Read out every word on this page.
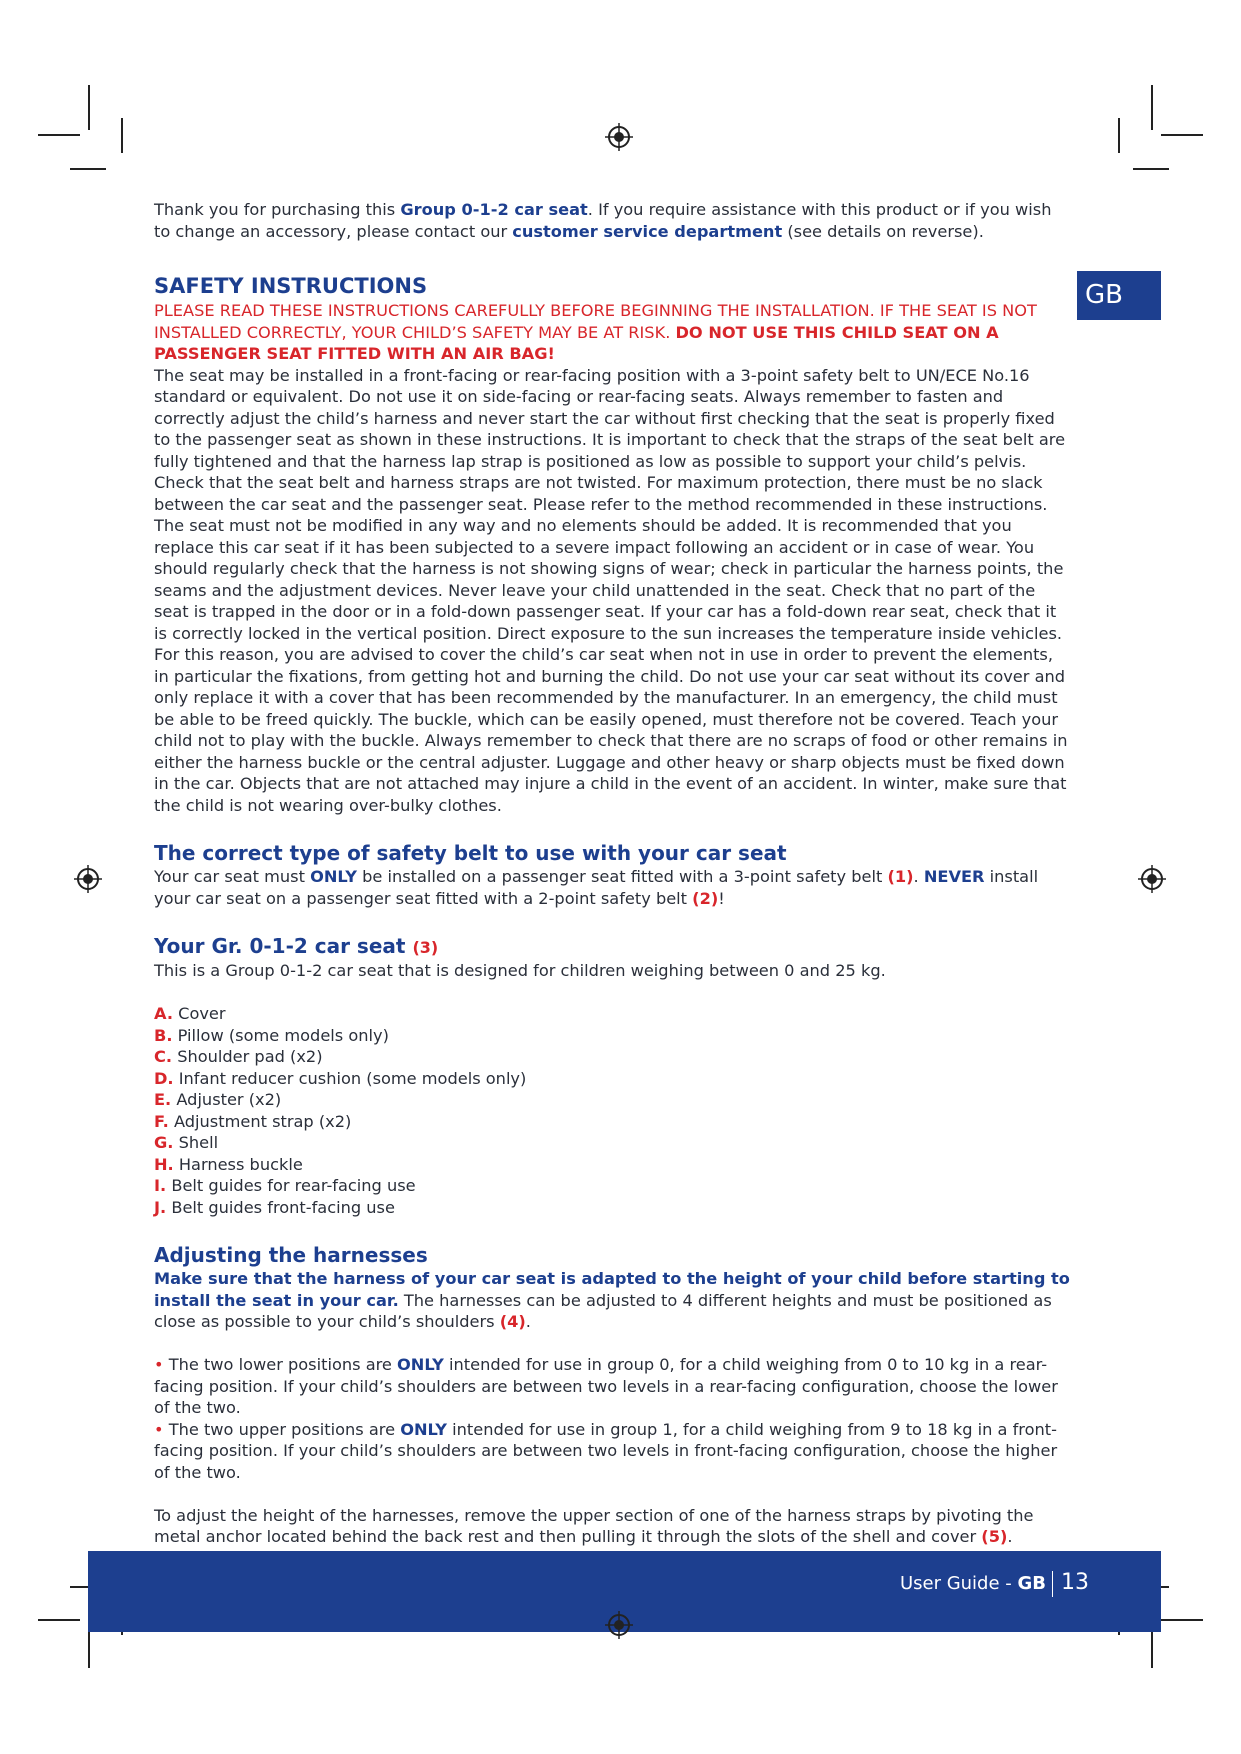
GB

Thank you for purchasing this Group 0-1-2 car seat. If you require assistance with this product or if you wish to change an accessory, please contact our customer service department (see details on reverse).

SAFETY INSTRUCTIONS

PLEASE READ THESE INSTRUCTIONS CAREFULLY BEFORE BEGINNING THE INSTALLATION. IF THE SEAT IS NOT INSTALLED CORRECTLY, YOUR CHILD’S SAFETY MAY BE AT RISK. DO NOT USE THIS CHILD SEAT ON A PASSENGER SEAT FITTED WITH AN AIR BAG!

The seat may be installed in a front-facing or rear-facing position with a 3-point safety belt to UN/ECE No.16 standard or equivalent. Do not use it on side-facing or rear-facing seats. Always remember to fasten and correctly adjust the child’s harness and never start the car without first checking that the seat is properly fixed to the passenger seat as shown in these instructions. It is important to check that the straps of the seat belt are fully tightened and that the harness lap strap is positioned as low as possible to support your child’s pelvis. Check that the seat belt and harness straps are not twisted. For maximum protection, there must be no slack between the car seat and the passenger seat. Please refer to the method recommended in these instructions. The seat must not be modified in any way and no elements should be added. It is recommended that you replace this car seat if it has been subjected to a severe impact following an accident or in case of wear. You should regularly check that the harness is not showing signs of wear; check in particular the harness points, the seams and the adjustment devices. Never leave your child unattended in the seat. Check that no part of the seat is trapped in the door or in a fold-down passenger seat. If your car has a fold-down rear seat, check that it is correctly locked in the vertical position. Direct exposure to the sun increases the temperature inside vehicles. For this reason, you are advised to cover the child’s car seat when not in use in order to prevent the elements, in particular the fixations, from getting hot and burning the child. Do not use your car seat without its cover and only replace it with a cover that has been recommended by the manufacturer. In an emergency, the child must be able to be freed quickly. The buckle, which can be easily opened, must therefore not be covered. Teach your child not to play with the buckle. Always remember to check that there are no scraps of food or other remains in either the harness buckle or the central adjuster. Luggage and other heavy or sharp objects must be fixed down in the car. Objects that are not attached may injure a child in the event of an accident. In winter, make sure that the child is not wearing over-bulky clothes.

The correct type of safety belt to use with your car seat

Your car seat must ONLY be installed on a passenger seat fitted with a 3-point safety belt (1). NEVER install your car seat on a passenger seat fitted with a 2-point safety belt (2)!

Your Gr. 0-1-2 car seat (3)

This is a Group 0-1-2 car seat that is designed for children weighing between 0 and 25 kg.

A. Cover
B. Pillow (some models only)
C. Shoulder pad (x2)
D. Infant reducer cushion (some models only)
E. Adjuster (x2)
F. Adjustment strap (x2)
G. Shell
H. Harness buckle
I. Belt guides for rear-facing use
J. Belt guides front-facing use
Adjusting the harnesses

Make sure that the harness of your car seat is adapted to the height of your child before starting to install the seat in your car. The harnesses can be adjusted to 4 different heights and must be positioned as close as possible to your child’s shoulders (4).

• The two lower positions are ONLY intended for use in group 0, for a child weighing from 0 to 10 kg in a rear-facing position. If your child’s shoulders are between two levels in a rear-facing configuration, choose the lower of the two.

• The two upper positions are ONLY intended for use in group 1, for a child weighing from 9 to 18 kg in a front-facing position. If your child’s shoulders are between two levels in front-facing configuration, choose the higher of the two.

To adjust the height of the harnesses, remove the upper section of one of the harness straps by pivoting the metal anchor located behind the back rest and then pulling it through the slots of the shell and cover (5).

User Guide - GB 13
